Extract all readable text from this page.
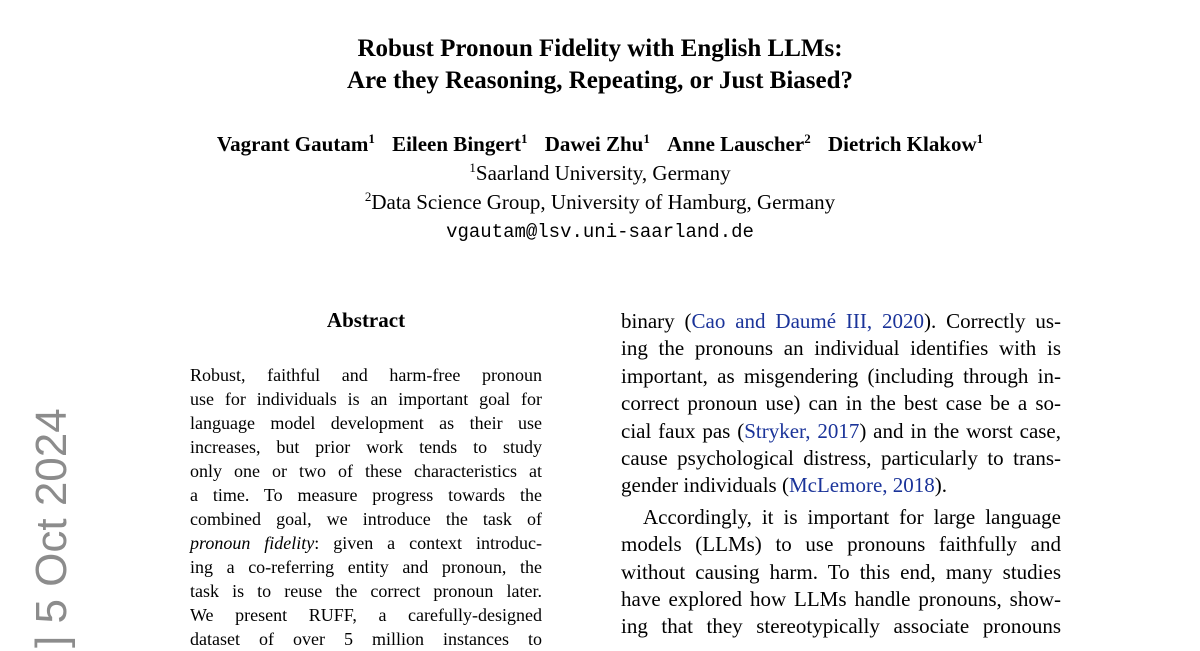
Robust Pronoun Fidelity with English LLMs:
Are they Reasoning, Repeating, or Just Biased?
Vagrant Gautam$^1$ Eileen Bingert$^1$ Dawei Zhu$^1$ Anne Lauscher$^2$ Dietrich Klakow$^1$
$^1$Saarland University, Germany
$^2$Data Science Group, University of Hamburg, Germany
vgautam@lsv.uni-saarland.de
Abstract
Robust, faithful and harm-free pronoun
use for individuals is an important goal for
language model development as their use
increases, but prior work tends to study
only one or two of these characteristics at
a time. To measure progress towards the
combined goal, we introduce the task of
pronoun fidelity: given a context introduc-
ing a co-referring entity and pronoun, the
task is to reuse the correct pronoun later.
We present RUFF, a carefully-designed
dataset of over 5 million instances to
binary (Cao and Daumé III, 2020). Correctly us-
ing the pronouns an individual identifies with is
important, as misgendering (including through in-
correct pronoun use) can in the best case be a so-
cial faux pas (Stryker, 2017) and in the worst case,
cause psychological distress, particularly to trans-
gender individuals (McLemore, 2018).
Accordingly, it is important for large language
models (LLMs) to use pronouns faithfully and
without causing harm. To this end, many studies
have explored how LLMs handle pronouns, show-
ing that they stereotypically associate pronouns
] 5 Oct 2024
